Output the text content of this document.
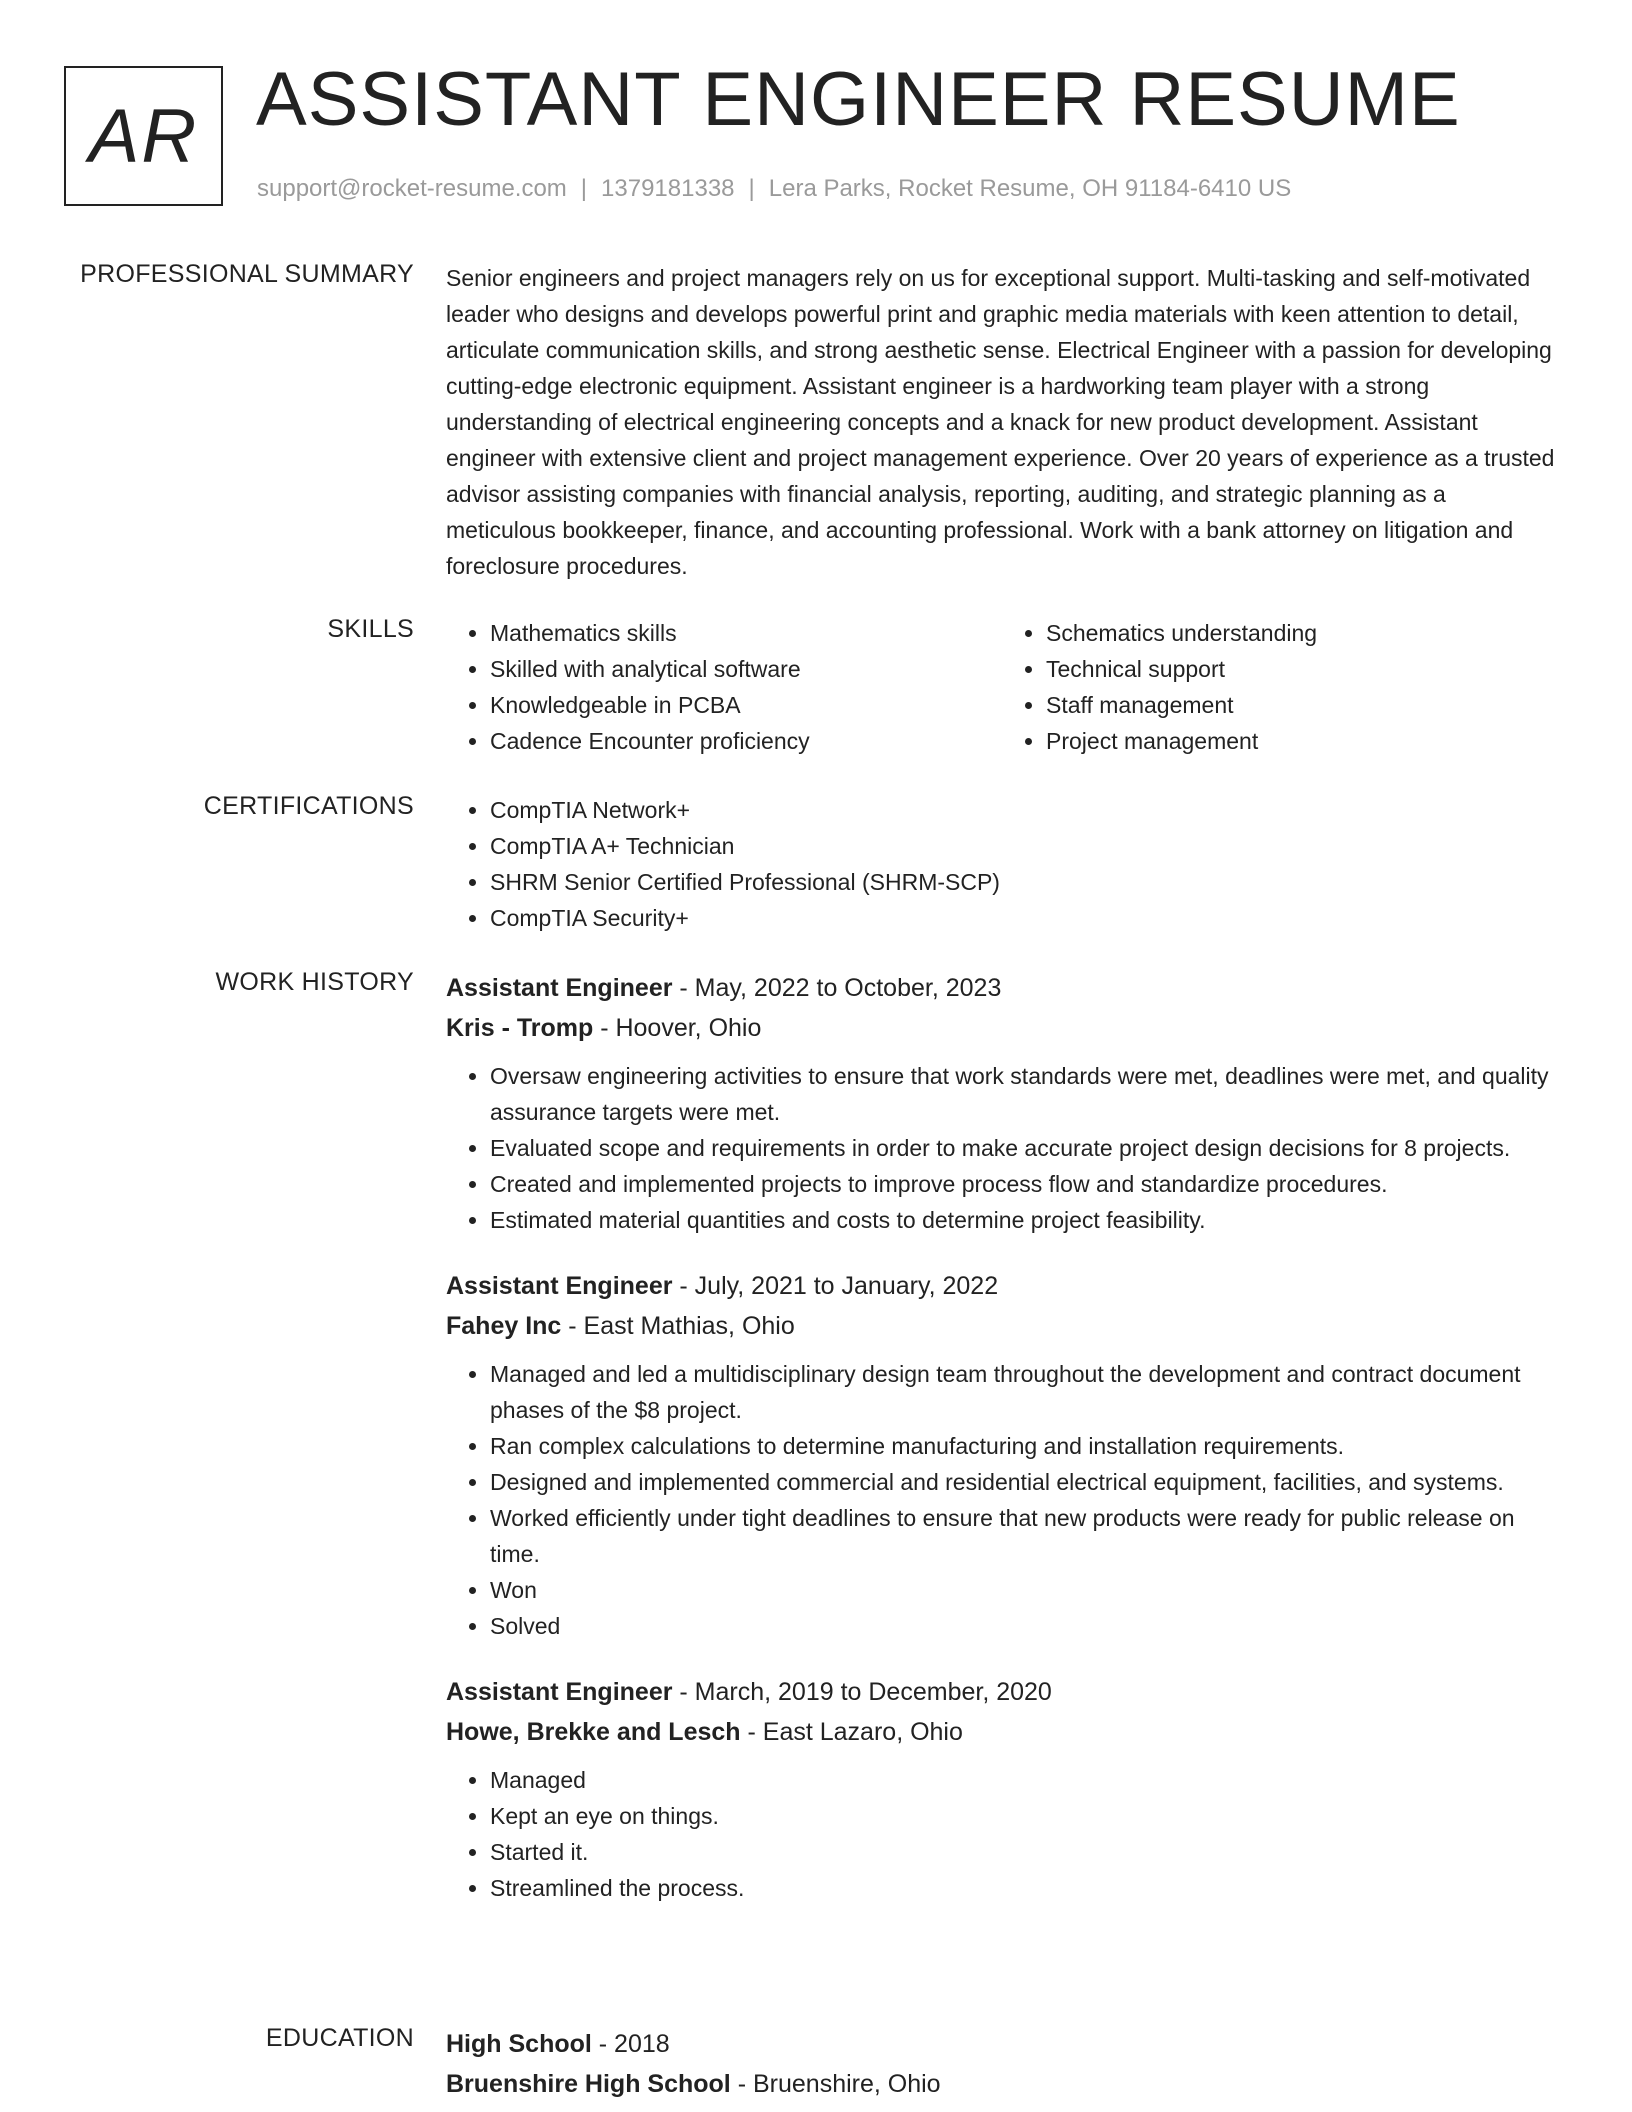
AR ASSISTANT ENGINEER RESUME
support@rocket-resume.com | 1379181338 | Lera Parks, Rocket Resume, OH 91184-6410 US
PROFESSIONAL SUMMARY Senior engineers and project managers rely on us for exceptional support. Multi-tasking and self-motivated leader who designs and develops powerful print and graphic media materials with keen attention to detail, articulate communication skills, and strong aesthetic sense. Electrical Engineer with a passion for developing cutting-edge electronic equipment. Assistant engineer is a hardworking team player with a strong understanding of electrical engineering concepts and a knack for new product development. Assistant engineer with extensive client and project management experience. Over 20 years of experience as a trusted advisor assisting companies with financial analysis, reporting, auditing, and strategic planning as a meticulous bookkeeper, finance, and accounting professional. Work with a bank attorney on litigation and foreclosure procedures.

SKILLS	• Mathematics skills
• Skilled with analytical software
• Knowledgeable in PCBA
• Cadence Encounter proficiency
• Schematics understanding
• Technical support
• Staff management
• Project management
CERTIFICATIONS	• CompTIA Network+
• CompTIA A+ Technician
• SHRM Senior Certified Professional (SHRM-SCP)
• CompTIA Security+
WORK HISTORY Assistant Engineer - May, 2022 to October, 2023
Kris - Tromp - Hoover, Ohio
• Oversaw engineering activities to ensure that work standards were met, deadlines were met, and quality assurance targets were met.
• Evaluated scope and requirements in order to make accurate project design decisions for 8 projects.
• Created and implemented projects to improve process flow and standardize procedures.
• Estimated material quantities and costs to determine project feasibility.
Assistant Engineer - July, 2021 to January, 2022
Fahey Inc - East Mathias, Ohio
• Managed and led a multidisciplinary design team throughout the development and contract document phases of the $8 project.
• Ran complex calculations to determine manufacturing and installation requirements.
• Designed and implemented commercial and residential electrical equipment, facilities, and systems.
• Worked efficiently under tight deadlines to ensure that new products were ready for public release on time.
• Won
• Solved
Assistant Engineer - March, 2019 to December, 2020
Howe, Brekke and Lesch - East Lazaro, Ohio
• Managed
• Kept an eye on things.
• Started it.
• Streamlined the process.
EDUCATION High School - 2018
Bruenshire High School - Bruenshire, Ohio
